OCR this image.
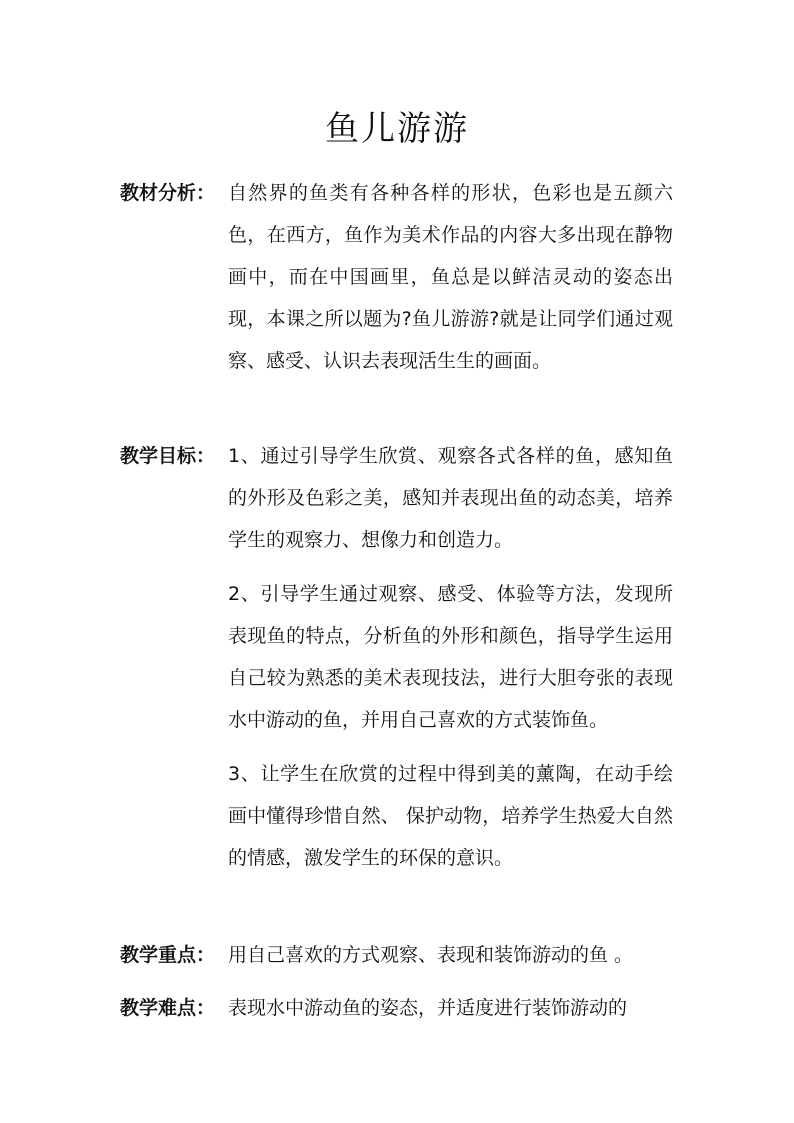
鱼儿游游
教材分析： 自然界的鱼类有各种各样的形状，色彩也是五颜六色，在西方，鱼作为美术作品的内容大多出现在静物画中，而在中国画里，鱼总是以鲜洁灵动的姿态出现，本课之所以题为?鱼儿游游?就是让同学们通过观察、感受、认识去表现活生生的画面。
教学目标： 1、通过引导学生欣赏、观察各式各样的鱼，感知鱼的外形及色彩之美，感知并表现出鱼的动态美，培养学生的观察力、想像力和创造力。
2、引导学生通过观察、感受、体验等方法，发现所表现鱼的特点，分析鱼的外形和颜色，指导学生运用自己较为熟悉的美术表现技法，进行大胆夸张的表现水中游动的鱼，并用自己喜欢的方式装饰鱼。
3、让学生在欣赏的过程中得到美的薰陶，在动手绘画中懂得珍惜自然、 保护动物，培养学生热爱大自然的情感，激发学生的环保的意识。
教学重点： 用自己喜欢的方式观察、表现和装饰游动的鱼 。
教学难点： 表现水中游动鱼的姿态，并适度进行装饰游动的
